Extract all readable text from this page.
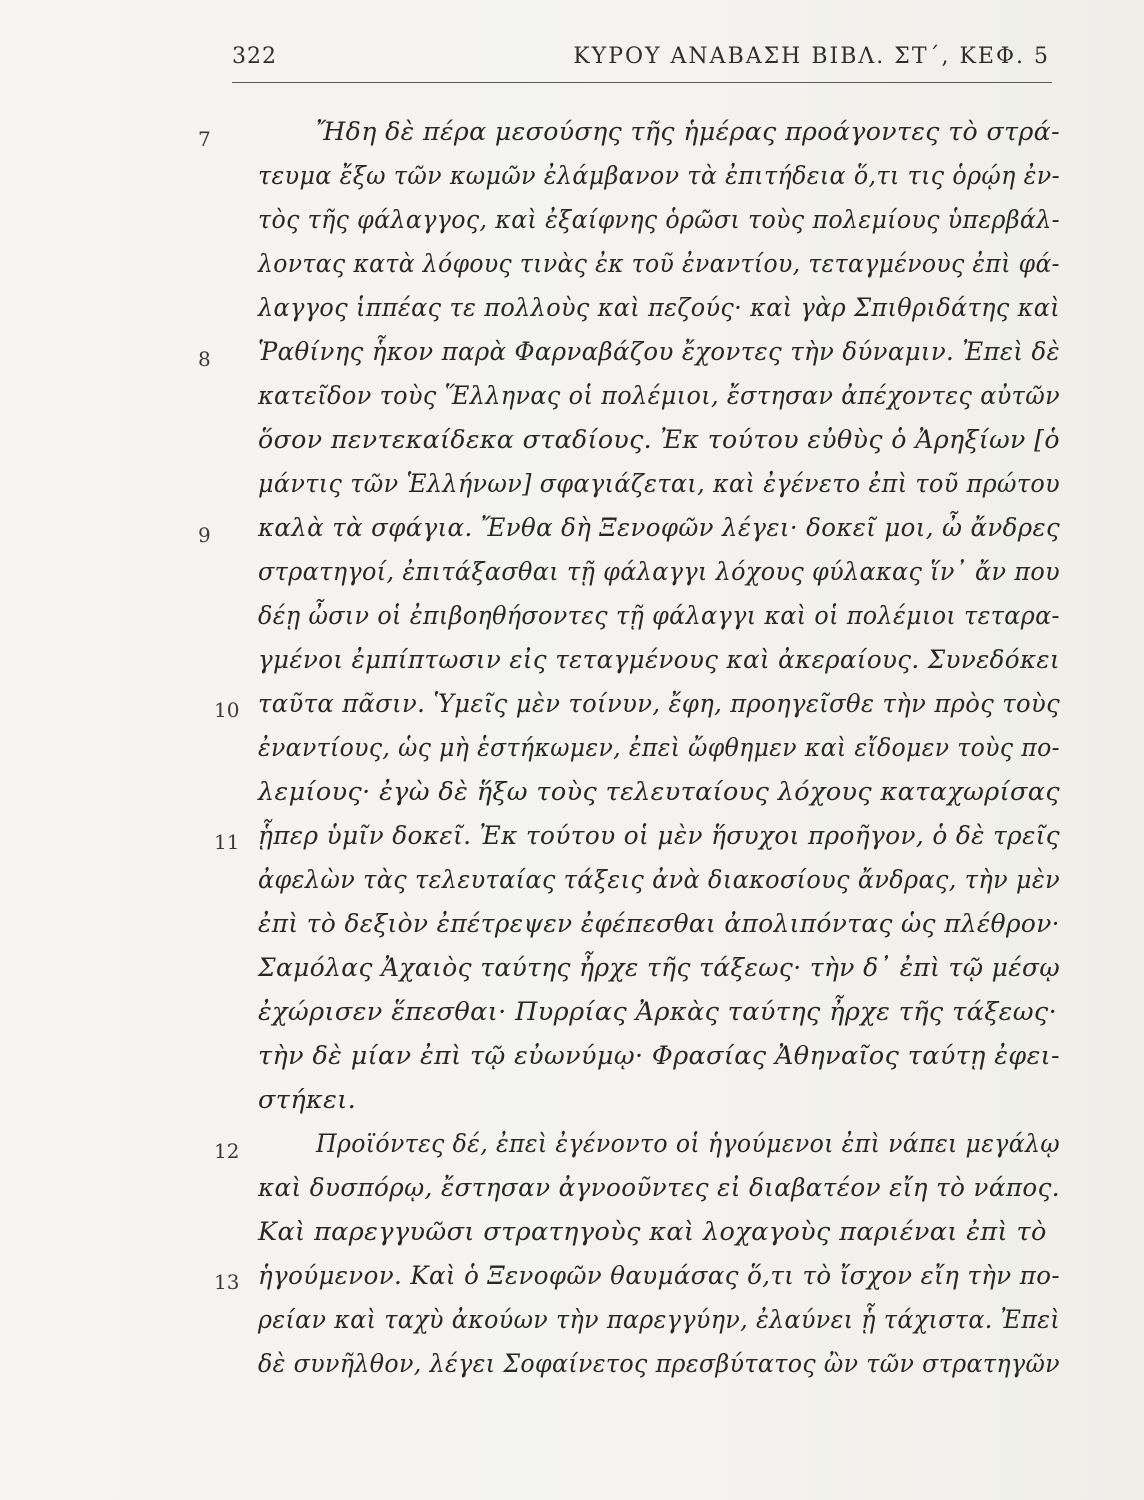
322	ΚΥΡΟΥ ΑΝΑΒΑΣΗ ΒΙΒΛ. ΣΤ΄, ΚΕΦ. 5
7
8
9
10
11
12
13
Ἤδη δὲ πέρα μεσούσης τῆς ἡμέρας προάγοντες τὸ στρά-
τευμα ἔξω τῶν κωμῶν ἐλάμβανον τὰ ἐπιτήδεια ὅ,τι τις ὁρῴη ἐν-
τὸς τῆς φάλαγγος, καὶ ἐξαίφνης ὁρῶσι τοὺς πολεμίους ὑπερβάλ-
λοντας κατὰ λόφους τινὰς ἐκ τοῦ ἐναντίου, τεταγμένους ἐπὶ φά-
λαγγος ἱππέας τε πολλοὺς καὶ πεζούς· καὶ γὰρ Σπιθριδάτης καὶ
Ῥαθίνης ἧκον παρὰ Φαρναβάζου ἔχοντες τὴν δύναμιν. Ἐπεὶ δὲ
κατεῖδον τοὺς Ἕλληνας οἱ πολέμιοι, ἔστησαν ἀπέχοντες αὐτῶν
ὅσον πεντεκαίδεκα σταδίους. Ἐκ τούτου εὐθὺς ὁ Ἀρηξίων [ὁ
μάντις τῶν Ἑλλήνων] σφαγιάζεται, καὶ ἐγένετο ἐπὶ τοῦ πρώτου
καλὰ τὰ σφάγια. Ἔνθα δὴ Ξενοφῶν λέγει· δοκεῖ μοι, ὦ ἄνδρες
στρατηγοί, ἐπιτάξασθαι τῇ φάλαγγι λόχους φύλακας ἵν᾽ ἄν που
δέῃ ὦσιν οἱ ἐπιβοηθήσοντες τῇ φάλαγγι καὶ οἱ πολέμιοι τεταρα-
γμένοι ἐμπίπτωσιν εἰς τεταγμένους καὶ ἀκεραίους. Συνεδόκει
ταῦτα πᾶσιν. Ὑμεῖς μὲν τοίνυν, ἔφη, προηγεῖσθε τὴν πρὸς τοὺς
ἐναντίους, ὡς μὴ ἑστήκωμεν, ἐπεὶ ὤφθημεν καὶ εἴδομεν τοὺς πο-
λεμίους· ἐγὼ δὲ ἥξω τοὺς τελευταίους λόχους καταχωρίσας
ᾗπερ ὑμῖν δοκεῖ. Ἐκ τούτου οἱ μὲν ἥσυχοι προῆγον, ὁ δὲ τρεῖς
ἀφελὼν τὰς τελευταίας τάξεις ἀνὰ διακοσίους ἄνδρας, τὴν μὲν
ἐπὶ τὸ δεξιὸν ἐπέτρεψεν ἐφέπεσθαι ἀπολιπόντας ὡς πλέθρον·
Σαμόλας Ἀχαιὸς ταύτης ἦρχε τῆς τάξεως· τὴν δ᾽ ἐπὶ τῷ μέσῳ
ἐχώρισεν ἕπεσθαι· Πυρρίας Ἀρκὰς ταύτης ἦρχε τῆς τάξεως·
τὴν δὲ μίαν ἐπὶ τῷ εὐωνύμῳ· Φρασίας Ἀθηναῖος ταύτῃ ἐφει-
στήκει.
Προϊόντες δέ, ἐπεὶ ἐγένοντο οἱ ἡγούμενοι ἐπὶ νάπει μεγάλῳ
καὶ δυσπόρῳ, ἔστησαν ἀγνοοῦντες εἰ διαβατέον εἴη τὸ νάπος.
Καὶ παρεγγυῶσι στρατηγοὺς καὶ λοχαγοὺς παριέναι ἐπὶ τὸ
ἡγούμενον. Καὶ ὁ Ξενοφῶν θαυμάσας ὅ,τι τὸ ἴσχον εἴη τὴν πο-
ρείαν καὶ ταχὺ ἀκούων τὴν παρεγγύην, ἐλαύνει ᾗ τάχιστα. Ἐπεὶ
δὲ συνῆλθον, λέγει Σοφαίνετος πρεσβύτατος ὢν τῶν στρατηγῶν
